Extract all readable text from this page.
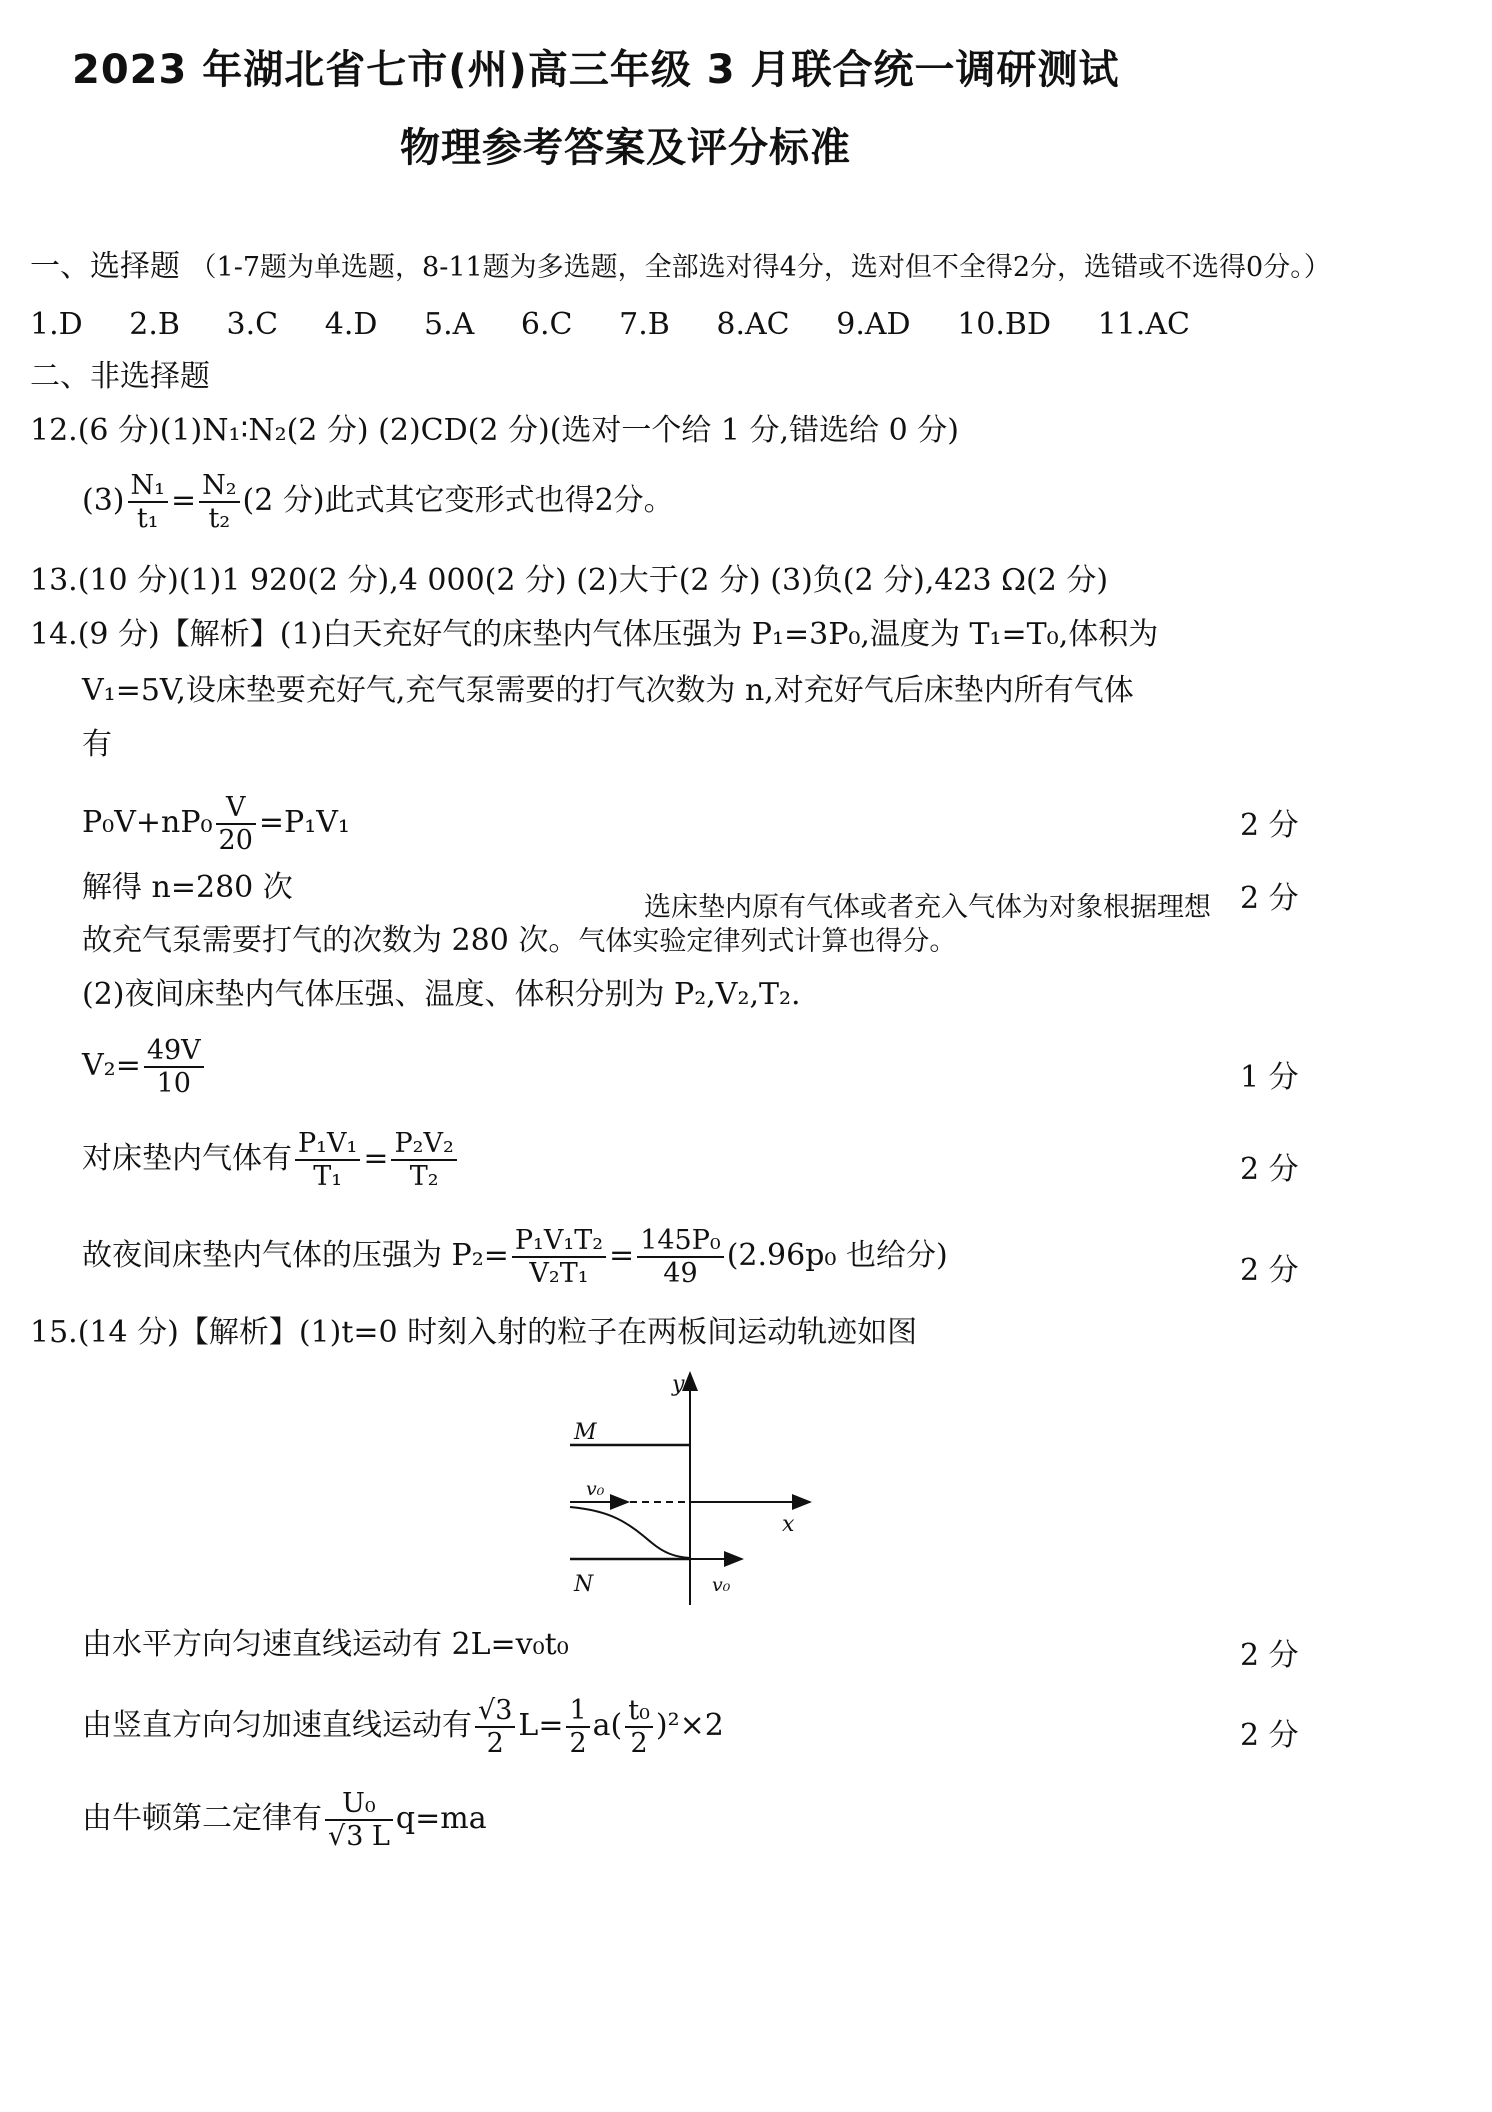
2023 年湖北省七市(州)高三年级 3 月联合统一调研测试
物理参考答案及评分标准
一、选择题 （1-7题为单选题，8-11题为多选题，全部选对得4分，选对但不全得2分，选错或不选得0分。）
1.D   2.B   3.C   4.D   5.A   6.C   7.B   8.AC   9.AD   10.BD   11.AC
二、非选择题
12.(6 分)(1)N₁∶N₂(2 分) (2)CD(2 分)(选对一个给 1 分,错选给 0 分)
$(3) \frac{\text{N₁}}{\text{t₁}} = \frac{\text{N₂}}{\text{t₂}} (2$ 分)此式其它变形式也得2分。
13.(10 分)(1)1 920(2 分),4 000(2 分) (2)大于(2 分) (3)负(2 分),423 Ω(2 分)
14.(9 分)【解析】(1)白天充好气的床垫内气体压强为 P₁=3P₀,温度为 T₁=T₀,体积为
V₁=5V,设床垫要充好气,充气泵需要的打气次数为 n,对充好气后床垫内所有气体
有
$P_0V+nP_0 \frac{V}{20} =P_1V_1$	2 分
解得 n=280 次	2 分
选床垫内原有气体或者充入气体为对象根据理想
故充气泵需要打气的次数为 280 次。气体实验定律列式计算也得分。
(2)夜间床垫内气体压强、温度、体积分别为 P₂,V₂,T₂.
$V_2= \frac{49V}{10}$	1 分
对床垫内气体有 $\frac{\text{P₁V₁}}{\text{T₁}} = \frac{\text{P₂V₂}}{\text{T₂}}$	2 分
故夜间床垫内气体的压强为 $P_2= \frac{\text{P₁V₁T₂}}{\text{V₂T₁}} = \frac{\text{145P₀}}{49} (2.96p_0$ 也给分)	2 分
15.(14 分)【解析】(1)t=0 时刻入射的粒子在两板间运动轨迹如图
y
x
M
N
v₀
v₀
由水平方向匀速直线运动有 2L=v₀t₀	2 分
由竖直方向匀加速直线运动有 $\frac{√3}{2} L= \frac{1}{2} a( \frac{\text{t₀}}{2} )^2\times 2$	2 分
由牛顿第二定律有 $\frac{\text{U₀}}{√3 L} q=ma$
